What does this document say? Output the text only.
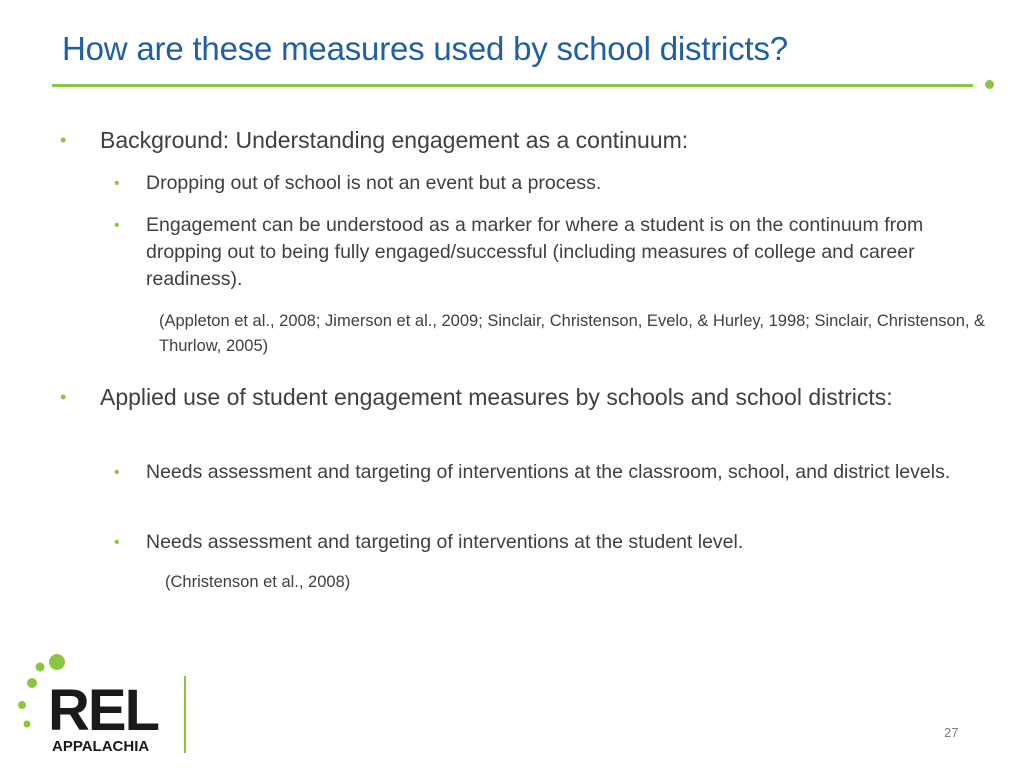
How are these measures used by school districts?
•	Background: Understanding engagement as a continuum:
•	Dropping out of school is not an event but a process.
•	Engagement can be understood as a marker for where a student is on the continuum from dropping out to being fully engaged/successful (including measures of college and career readiness).
(Appleton et al., 2008; Jimerson et al., 2009; Sinclair, Christenson, Evelo, & Hurley, 1998; Sinclair, Christenson, & Thurlow, 2005)
•	Applied use of student engagement measures by schools and school districts:
•	Needs assessment and targeting of interventions at the classroom, school, and district levels.
•	Needs assessment and targeting of interventions at the student level.
(Christenson et al., 2008)
REL
APPALACHIA
27
